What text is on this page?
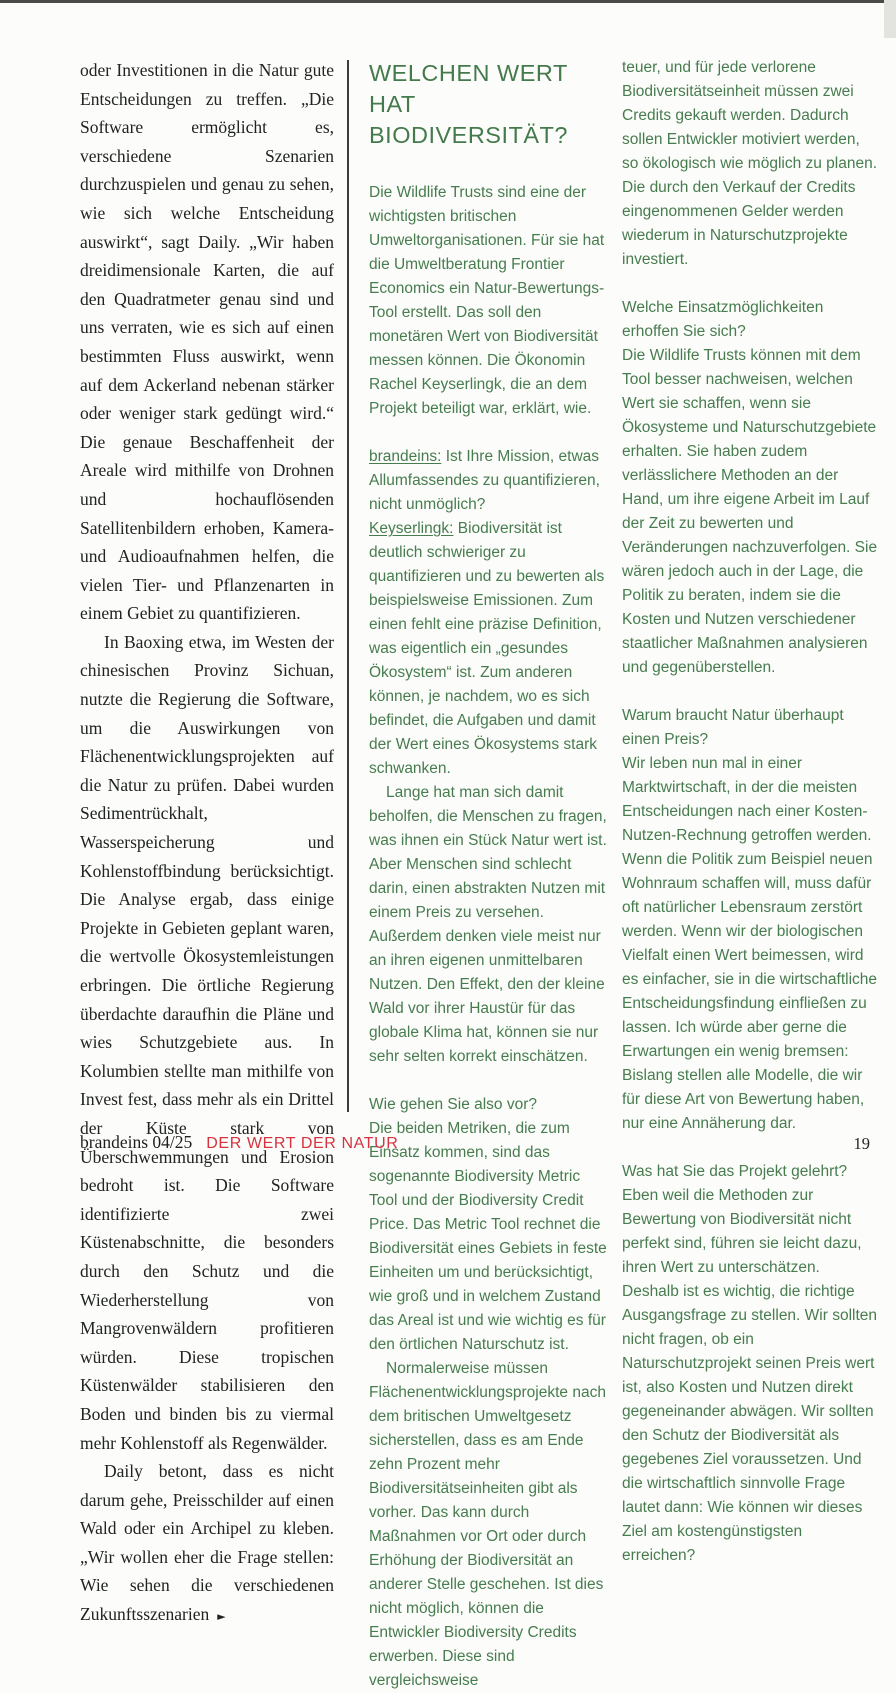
oder Investitionen in die Natur gute Entscheidungen zu treffen. „Die Software ermöglicht es, verschiedene Szenarien durchzuspielen und genau zu sehen, wie sich welche Entscheidung auswirkt“, sagt Daily. „Wir haben dreidimensionale Karten, die auf den Quadratmeter genau sind und uns verraten, wie es sich auf einen bestimmten Fluss auswirkt, wenn auf dem Ackerland nebenan stärker oder weniger stark gedüngt wird.“ Die genaue Beschaffenheit der Areale wird mithilfe von Drohnen und hochauflösenden Satellitenbildern erhoben, Kamera- und Audioaufnahmen helfen, die vielen Tier- und Pflanzenarten in einem Gebiet zu quantifizieren.

In Baoxing etwa, im Westen der chinesischen Provinz Sichuan, nutzte die Regierung die Software, um die Auswirkungen von Flächenentwicklungsprojekten auf die Natur zu prüfen. Dabei wurden Sedimentrückhalt, Wasserspeicherung und Kohlenstoffbindung berücksichtigt. Die Analyse ergab, dass einige Projekte in Gebieten geplant waren, die wertvolle Ökosystemleistungen erbringen. Die örtliche Regierung überdachte daraufhin die Pläne und wies Schutzgebiete aus. In Kolumbien stellte man mithilfe von Invest fest, dass mehr als ein Drittel der Küste stark von Überschwemmungen und Erosion bedroht ist. Die Software identifizierte zwei Küstenabschnitte, die besonders durch den Schutz und die Wiederherstellung von Mangrovenwäldern profitieren würden. Diese tropischen Küstenwälder stabilisieren den Boden und binden bis zu viermal mehr Kohlenstoff als Regenwälder.

Daily betont, dass es nicht darum gehe, Preisschilder auf einen Wald oder ein Archipel zu kleben. „Wir wollen eher die Frage stellen: Wie sehen die verschiedenen Zukunftsszenarien ►

WELCHEN WERT HAT BIODIVERSITÄT?

Die Wildlife Trusts sind eine der wichtigsten britischen Umweltorganisationen. Für sie hat die Umweltberatung Frontier Economics ein Natur-Bewertungs-Tool erstellt. Das soll den monetären Wert von Biodiversität messen können. Die Ökonomin Rachel Keyserlingk, die an dem Projekt beteiligt war, erklärt, wie.

brandeins: Ist Ihre Mission, etwas Allumfassendes zu quantifizieren, nicht unmöglich?

Keyserlingk: Biodiversität ist deutlich schwieriger zu quantifizieren und zu bewerten als beispielsweise Emissionen. Zum einen fehlt eine präzise Definition, was eigentlich ein „gesundes Ökosystem“ ist. Zum anderen können, je nachdem, wo es sich befindet, die Aufgaben und damit der Wert eines Ökosystems stark schwanken.

Lange hat man sich damit beholfen, die Menschen zu fragen, was ihnen ein Stück Natur wert ist. Aber Menschen sind schlecht darin, einen abstrakten Nutzen mit einem Preis zu versehen. Außerdem denken viele meist nur an ihren eigenen unmittelbaren Nutzen. Den Effekt, den der kleine Wald vor ihrer Haustür für das globale Klima hat, können sie nur sehr selten korrekt einschätzen.

Wie gehen Sie also vor?

Die beiden Metriken, die zum Einsatz kommen, sind das sogenannte Biodiversity Metric Tool und der Biodiversity Credit Price. Das Metric Tool rechnet die Biodiversität eines Gebiets in feste Einheiten um und berücksichtigt, wie groß und in welchem Zustand das Areal ist und wie wichtig es für den örtlichen Naturschutz ist.

Normalerweise müssen Flächenentwicklungsprojekte nach dem britischen Umweltgesetz sicherstellen, dass es am Ende zehn Prozent mehr Biodiversitätseinheiten gibt als vorher. Das kann durch Maßnahmen vor Ort oder durch Erhöhung der Biodiversität an anderer Stelle geschehen. Ist dies nicht möglich, können die Entwickler Biodiversity Credits erwerben. Diese sind vergleichsweise

teuer, und für jede verlorene Biodiversitätseinheit müssen zwei Credits gekauft werden. Dadurch sollen Entwickler motiviert werden, so ökologisch wie möglich zu planen. Die durch den Verkauf der Credits eingenommenen Gelder werden wiederum in Naturschutzprojekte investiert.

Welche Einsatzmöglichkeiten erhoffen Sie sich?

Die Wildlife Trusts können mit dem Tool besser nachweisen, welchen Wert sie schaffen, wenn sie Ökosysteme und Naturschutzgebiete erhalten. Sie haben zudem verlässlichere Methoden an der Hand, um ihre eigene Arbeit im Lauf der Zeit zu bewerten und Veränderungen nachzuverfolgen. Sie wären jedoch auch in der Lage, die Politik zu beraten, indem sie die Kosten und Nutzen verschiedener staatlicher Maßnahmen analysieren und gegenüberstellen.

Warum braucht Natur überhaupt einen Preis?

Wir leben nun mal in einer Marktwirtschaft, in der die meisten Entscheidungen nach einer Kosten-Nutzen-Rechnung getroffen werden. Wenn die Politik zum Beispiel neuen Wohnraum schaffen will, muss dafür oft natürlicher Lebensraum zerstört werden. Wenn wir der biologischen Vielfalt einen Wert beimessen, wird es einfacher, sie in die wirtschaftliche Entscheidungsfindung einfließen zu lassen. Ich würde aber gerne die Erwartungen ein wenig bremsen: Bislang stellen alle Modelle, die wir für diese Art von Bewertung haben, nur eine Annäherung dar.

Was hat Sie das Projekt gelehrt?

Eben weil die Methoden zur Bewertung von Biodiversität nicht perfekt sind, führen sie leicht dazu, ihren Wert zu unterschätzen. Deshalb ist es wichtig, die richtige Ausgangsfrage zu stellen. Wir sollten nicht fragen, ob ein Naturschutzprojekt seinen Preis wert ist, also Kosten und Nutzen direkt gegeneinander abwägen. Wir sollten den Schutz der Biodiversität als gegebenes Ziel voraussetzen. Und die wirtschaftlich sinnvolle Frage lautet dann: Wie können wir dieses Ziel am kostengünstigsten erreichen?

brandeins 04/25 DER WERT DER NATUR	19
